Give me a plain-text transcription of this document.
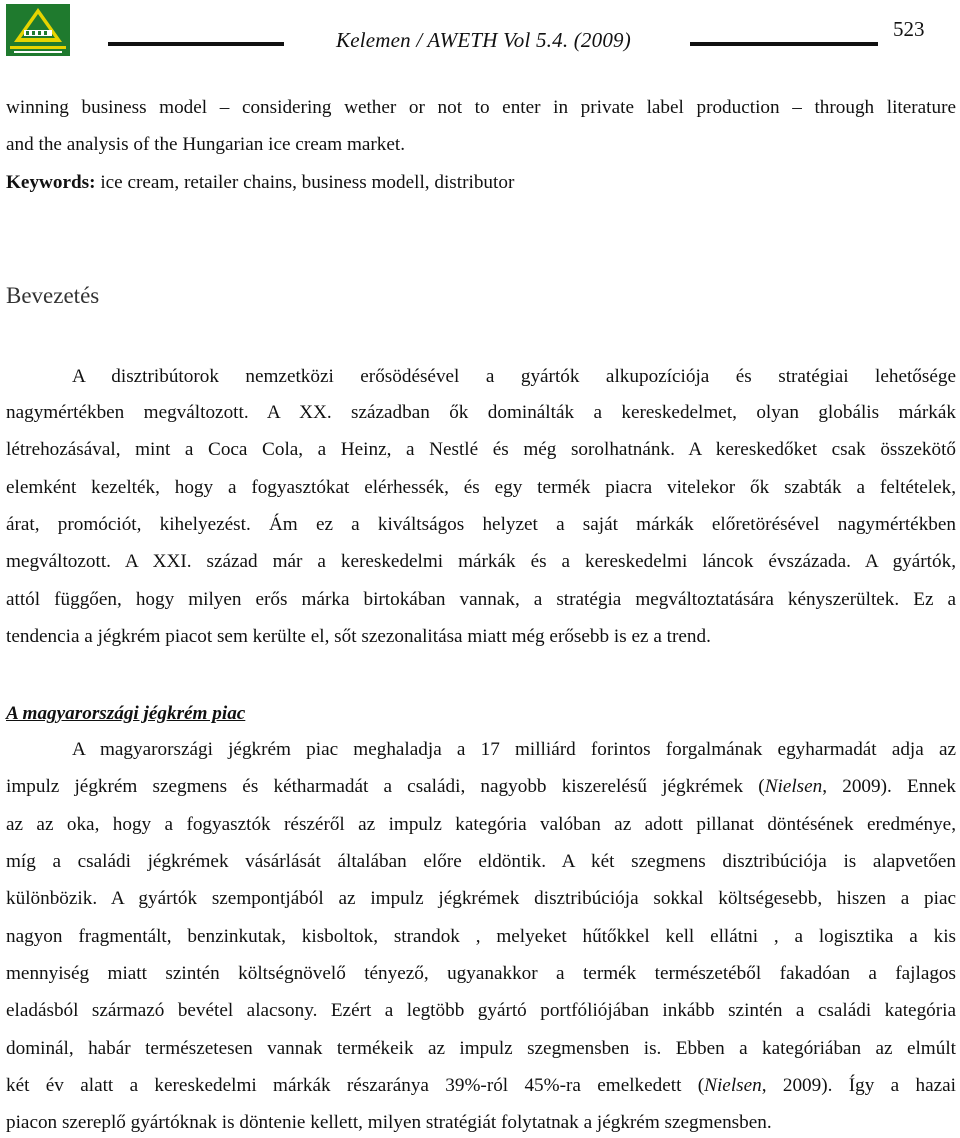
Kelemen / AWETH Vol 5.4. (2009)	523
winning business model – considering wether or not to enter in private label production – through literature
and the analysis of the Hungarian ice cream market.
Keywords: ice cream, retailer chains, business modell, distributor
Bevezetés
A disztribútorok nemzetközi erősödésével a gyártók alkupozíciója és stratégiai lehetősége
nagymértékben megváltozott. A XX. században ők dominálták a kereskedelmet, olyan globális márkák
létrehozásával, mint a Coca Cola, a Heinz, a Nestlé és még sorolhatnánk. A kereskedőket csak összekötő
elemként kezelték, hogy a fogyasztókat elérhessék, és egy termék piacra vitelekor ők szabták a feltételek,
árat, promóciót, kihelyezést. Ám ez a kiváltságos helyzet a saját márkák előretörésével nagymértékben
megváltozott. A XXI. század már a kereskedelmi márkák és a kereskedelmi láncok évszázada. A gyártók,
attól függően, hogy milyen erős márka birtokában vannak, a stratégia megváltoztatására kényszerültek. Ez a
tendencia a jégkrém piacot sem kerülte el, sőt szezonalitása miatt még erősebb is ez a trend.
A magyarországi jégkrém piac
A magyarországi jégkrém piac meghaladja a 17 milliárd forintos forgalmának egyharmadát adja az
impulz jégkrém szegmens és kétharmadát a családi, nagyobb kiszerelésű jégkrémek (Nielsen, 2009). Ennek
az az oka, hogy a fogyasztók részéről az impulz kategória valóban az adott pillanat döntésének eredménye,
míg a családi jégkrémek vásárlását általában előre eldöntik. A két szegmens disztribúciója is alapvetően
különbözik. A gyártók szempontjából az impulz jégkrémek disztribúciója sokkal költségesebb, hiszen a piac
nagyon fragmentált, benzinkutak, kisboltok, strandok , melyeket hűtőkkel kell ellátni , a logisztika a kis
mennyiség miatt szintén költségnövelő tényező, ugyanakkor a termék természetéből fakadóan a fajlagos
eladásból származó bevétel alacsony. Ezért a legtöbb gyártó portfóliójában inkább szintén a családi kategória
dominál, habár természetesen vannak termékeik az impulz szegmensben is. Ebben a kategóriában az elmúlt
két év alatt a kereskedelmi márkák részaránya 39%-ról 45%-ra emelkedett (Nielsen, 2009). Így a hazai
piacon szereplő gyártóknak is döntenie kellett, milyen stratégiát folytatnak a jégkrém szegmensben.
